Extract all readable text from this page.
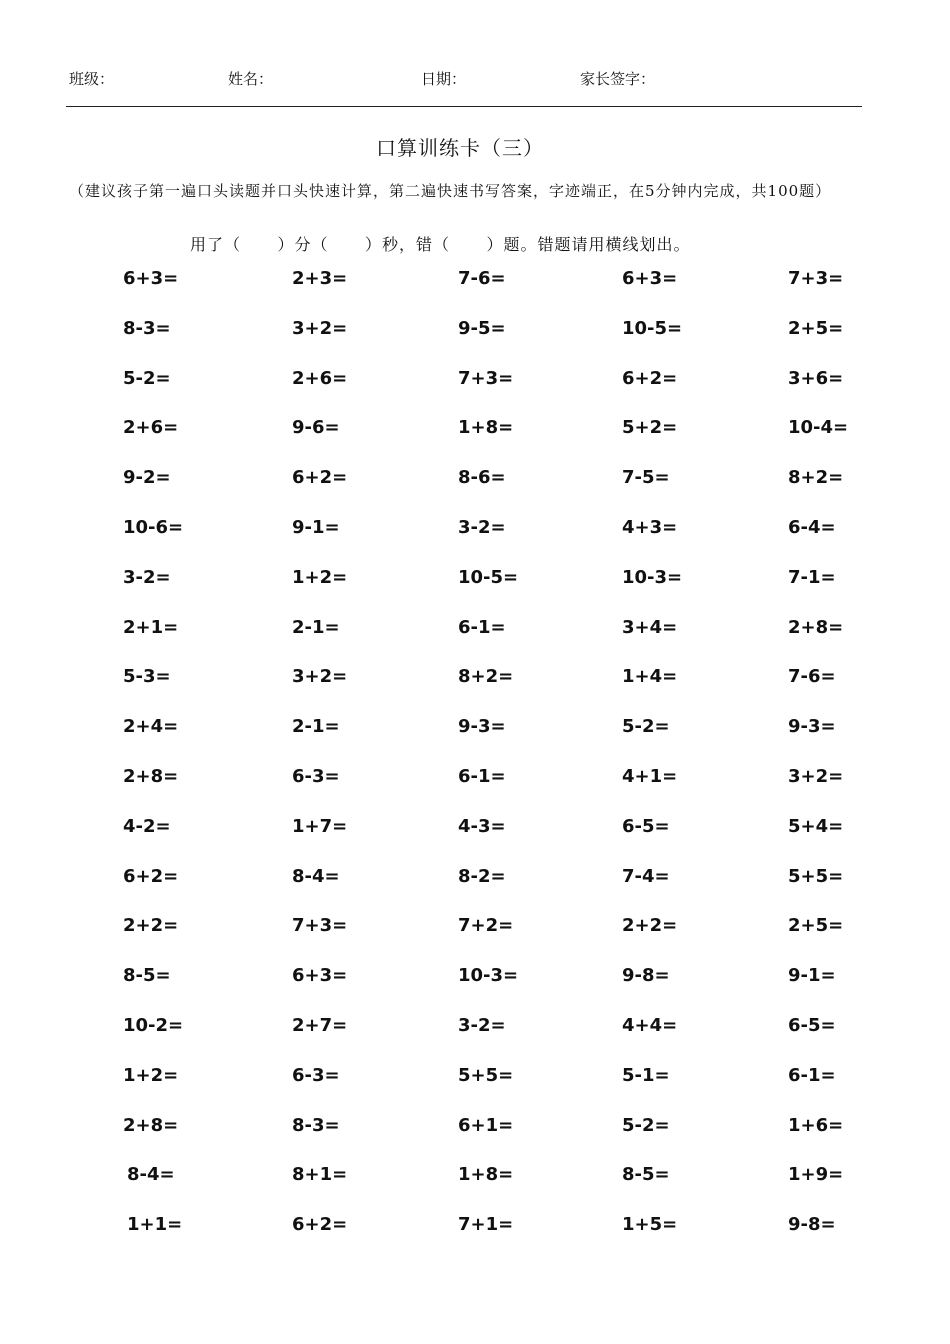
班级：	姓名：	日期：	家长签字：
口算训练卡（三）
（建议孩子第一遍口头读题并口头快速计算，第二遍快速书写答案，字迹端正，在5分钟内完成，共100题）
用了（      ）分（      ）秒，错（      ）题。错题请用横线划出。
6+3=	2+3=	7-6=	6+3=	7+3=
8-3=	3+2=	9-5=	10-5=	2+5=
5-2=	2+6=	7+3=	6+2=	3+6=
2+6=	9-6=	1+8=	5+2=	10-4=
9-2=	6+2=	8-6=	7-5=	8+2=
10-6=	9-1=	3-2=	4+3=	6-4=
3-2=	1+2=	10-5=	10-3=	7-1=
2+1=	2-1=	6-1=	3+4=	2+8=
5-3=	3+2=	8+2=	1+4=	7-6=
2+4=	2-1=	9-3=	5-2=	9-3=
2+8=	6-3=	6-1=	4+1=	3+2=
4-2=	1+7=	4-3=	6-5=	5+4=
6+2=	8-4=	8-2=	7-4=	5+5=
2+2=	7+3=	7+2=	2+2=	2+5=
8-5=	6+3=	10-3=	9-8=	9-1=
10-2=	2+7=	3-2=	4+4=	6-5=
1+2=	6-3=	5+5=	5-1=	6-1=
2+8=	8-3=	6+1=	5-2=	1+6=
8-4=	8+1=	1+8=	8-5=	1+9=
1+1=	6+2=	7+1=	1+5=	9-8=
